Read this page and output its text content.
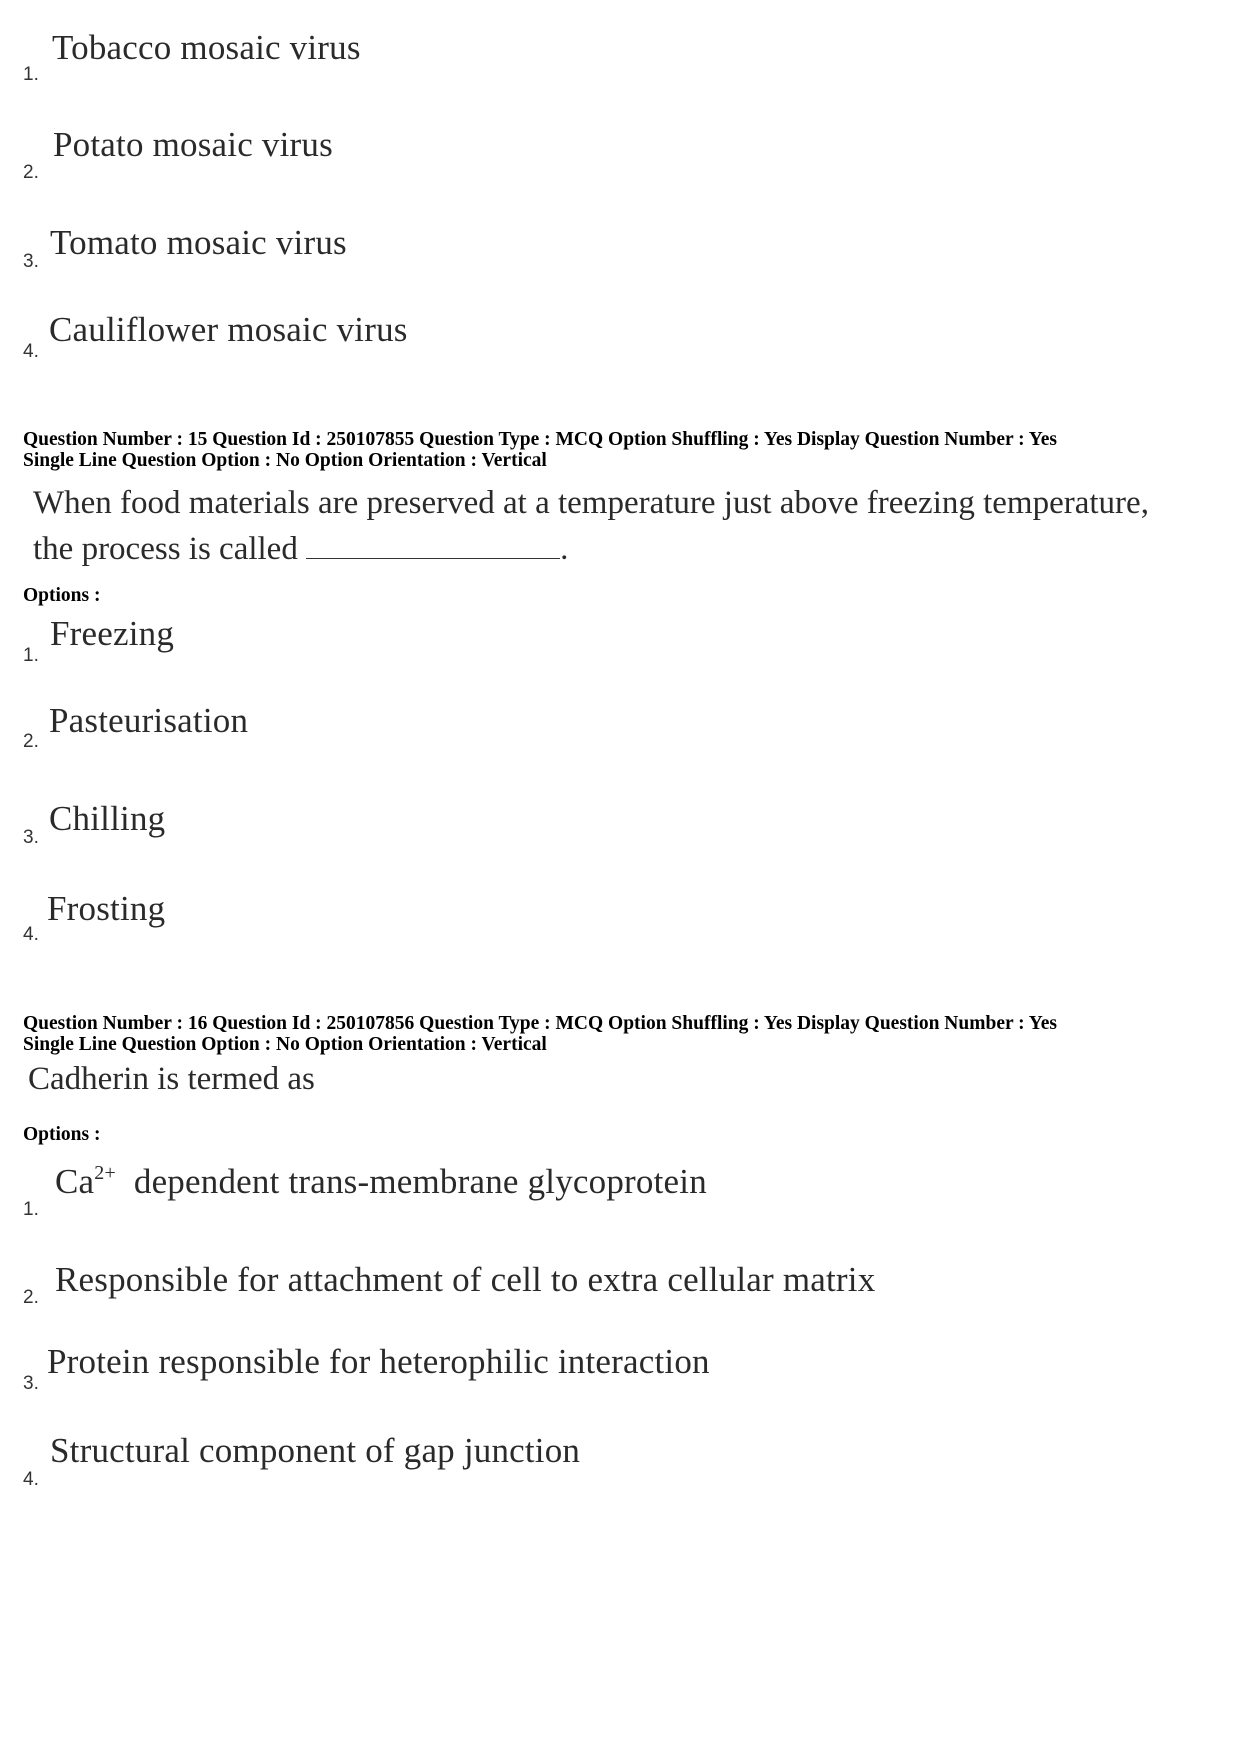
1.
Tobacco mosaic virus
2.
Potato mosaic virus
3. Tomato mosaic virus
4.
Cauliflower mosaic virus
Question Number : 15 Question Id : 250107855 Question Type : MCQ Option Shuffling : Yes Display Question Number : Yes
Single Line Question Option : No Option Orientation : Vertical
When food materials are preserved at a temperature just above freezing temperature,
the process is called	.
Options :
1.
Freezing
2.
Pasteurisation
3. Chilling
4.
Frosting
Question Number : 16 Question Id : 250107856 Question Type : MCQ Option Shuffling : Yes Display Question Number : Yes
Single Line Question Option : No Option Orientation : Vertical
Cadherin is termed as
Options :
1.
$Ca^{2+}$ dependent trans-membrane glycoprotein
2. Responsible for attachment of cell to extra cellular matrix
3.
Protein responsible for heterophilic interaction
4.
Structural component of gap junction
